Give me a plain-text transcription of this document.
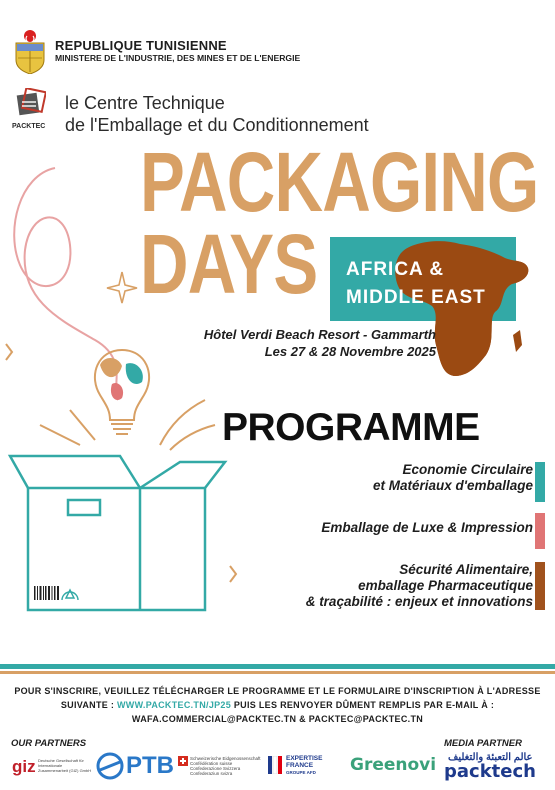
REPUBLIQUE TUNISIENNE
MINISTERE DE L'INDUSTRIE, DES MINES ET DE L'ENERGIE
PACKTEC
le Centre Technique
de l'Emballage et du Conditionnement
PACKAGING
DAYS AFRICA &
MIDDLE EAST
Hôtel Verdi Beach Resort - Gammarth
Les 27 & 28 Novembre 2025
PROGRAMME
Economie Circulaire
et Matériaux d'emballage
Emballage de Luxe & Impression
Sécurité Alimentaire,
emballage Pharmaceutique
& traçabilité : enjeux et innovations
POUR S'INSCRIRE, VEUILLEZ TÉLÉCHARGER LE PROGRAMME ET LE FORMULAIRE D'INSCRIPTION À L'ADRESSE
SUIVANTE : WWW.PACKTEC.TN/JP25 PUIS LES RENVOYER DÛMENT REMPLIS PAR E-MAIL À :
WAFA.COMMERCIAL@PACKTEC.TN & PACKTEC@PACKTEC.TN
OUR PARTNERS	MEDIA PARTNER
giz Deutsche Gesellschaft für Internationale Zusammenarbeit (GIZ) GmbH PTB	Schweizerische Eidgenossenschaft
Confédération suisse
Confederazione Svizzera
Confederaziun svizra
EXPERTISE
FRANCE
GROUPE AFD	Greenovi عالم التعبئة والتغليف
packtech
